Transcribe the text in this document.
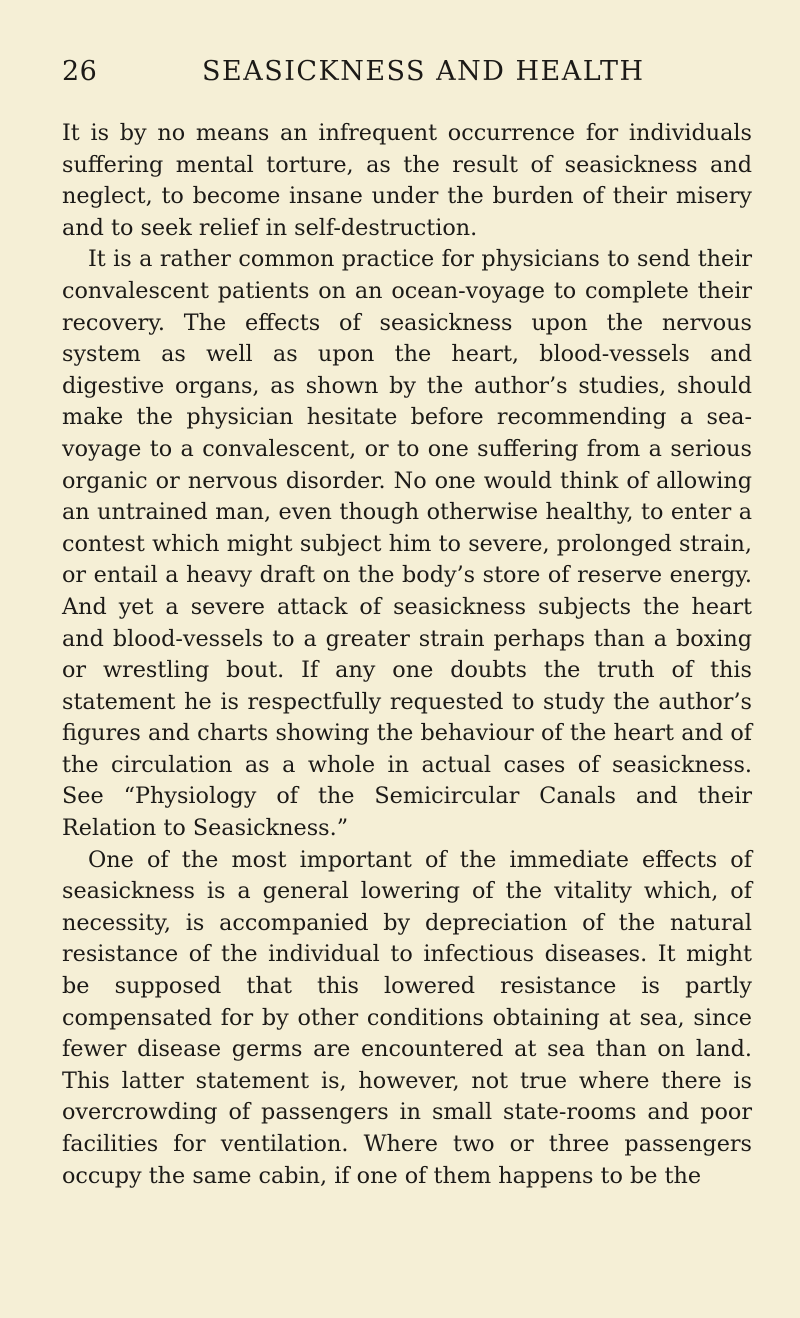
26	SEASICKNESS AND HEALTH

It is by no means an infrequent occurrence for individuals suffering mental torture, as the result of seasickness and neglect, to become insane under the burden of their misery and to seek relief in self-destruction.

It is a rather common practice for physicians to send their convalescent patients on an ocean-voyage to complete their recovery. The effects of seasickness upon the nervous system as well as upon the heart, blood-vessels and digestive organs, as shown by the author’s studies, should make the physician hesitate before recommending a sea-voyage to a convalescent, or to one suffering from a serious organic or nervous disorder. No one would think of allowing an untrained man, even though otherwise healthy, to enter a contest which might subject him to severe, prolonged strain, or entail a heavy draft on the body’s store of reserve energy. And yet a severe attack of seasickness subjects the heart and blood-vessels to a greater strain perhaps than a boxing or wrestling bout. If any one doubts the truth of this statement he is respectfully requested to study the author’s figures and charts showing the behaviour of the heart and of the circulation as a whole in actual cases of seasickness. See “Physiology of the Semicircular Canals and their Relation to Seasickness.”

One of the most important of the immediate effects of seasickness is a general lowering of the vitality which, of necessity, is accompanied by depreciation of the natural resistance of the individual to infectious diseases. It might be supposed that this lowered resistance is partly compensated for by other conditions obtaining at sea, since fewer disease germs are encountered at sea than on land. This latter statement is, however, not true where there is overcrowding of passengers in small state-rooms and poor facilities for ventilation. Where two or three passengers occupy the same cabin, if one of them happens to be the
